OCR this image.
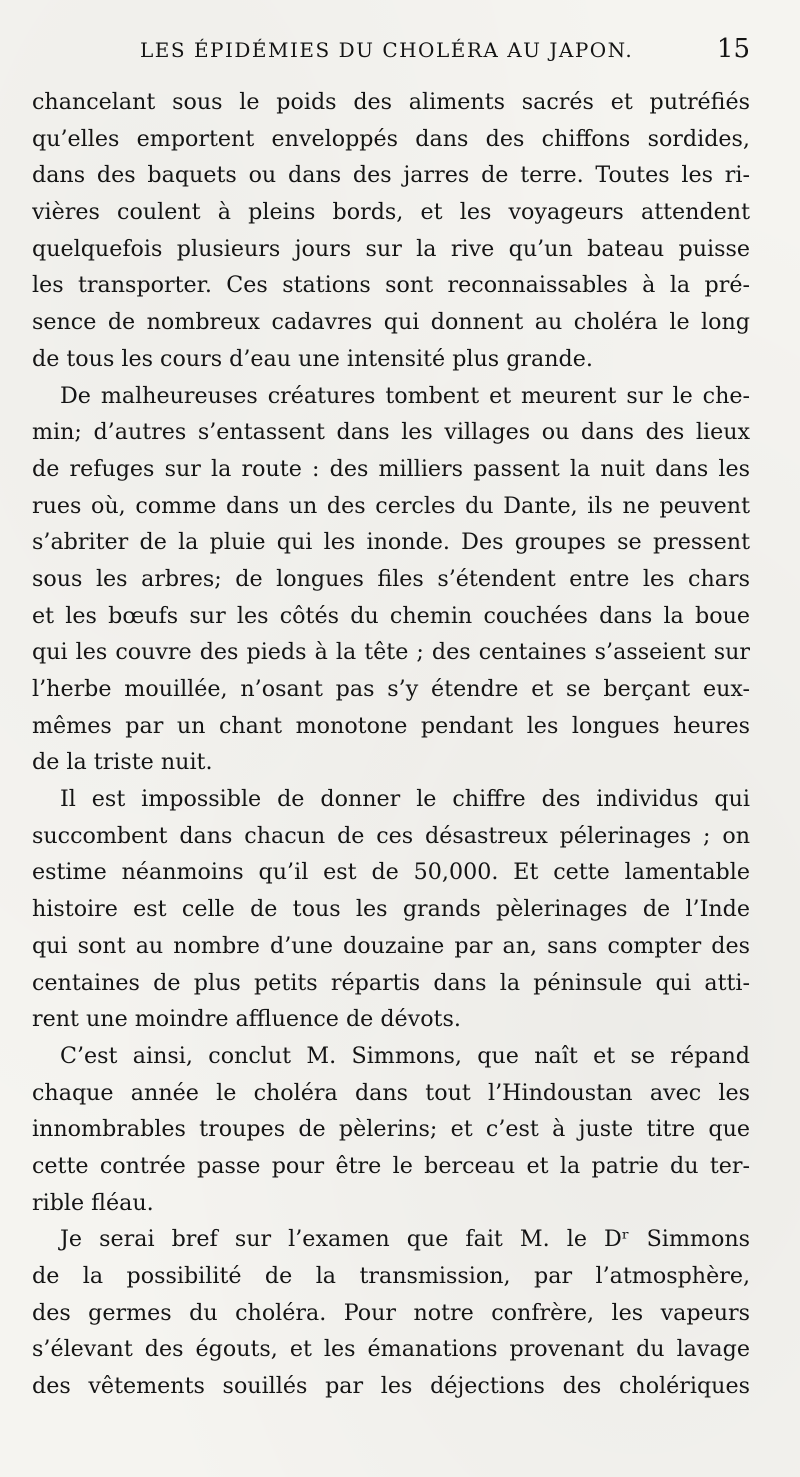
LES ÉPIDÉMIES DU CHOLÉRA AU JAPON.	15
chancelant sous le poids des aliments sacrés et putréfiés
qu’elles emportent enveloppés dans des chiffons sordides,
dans des baquets ou dans des jarres de terre. Toutes les ri-
vières coulent à pleins bords, et les voyageurs attendent
quelquefois plusieurs jours sur la rive qu’un bateau puisse
les transporter. Ces stations sont reconnaissables à la pré-
sence de nombreux cadavres qui donnent au choléra le long
de tous les cours d’eau une intensité plus grande.
De malheureuses créatures tombent et meurent sur le che-
min; d’autres s’entassent dans les villages ou dans des lieux
de refuges sur la route : des milliers passent la nuit dans les
rues où, comme dans un des cercles du Dante, ils ne peuvent
s’abriter de la pluie qui les inonde. Des groupes se pressent
sous les arbres; de longues files s’étendent entre les chars
et les bœufs sur les côtés du chemin couchées dans la boue
qui les couvre des pieds à la tête ; des centaines s’asseient sur
l’herbe mouillée, n’osant pas s’y étendre et se berçant eux-
mêmes par un chant monotone pendant les longues heures
de la triste nuit.
Il est impossible de donner le chiffre des individus qui
succombent dans chacun de ces désastreux pélerinages ; on
estime néanmoins qu’il est de 50,000. Et cette lamentable
histoire est celle de tous les grands pèlerinages de l’Inde
qui sont au nombre d’une douzaine par an, sans compter des
centaines de plus petits répartis dans la péninsule qui atti-
rent une moindre affluence de dévots.
C’est ainsi, conclut M. Simmons, que naît et se répand
chaque année le choléra dans tout l’Hindoustan avec les
innombrables troupes de pèlerins; et c’est à juste titre que
cette contrée passe pour être le berceau et la patrie du ter-
rible fléau.
Je serai bref sur l’examen que fait M. le Dʳ Simmons
de la possibilité de la transmission, par l’atmosphère,
des germes du choléra. Pour notre confrère, les vapeurs
s’élevant des égouts, et les émanations provenant du lavage
des vêtements souillés par les déjections des cholériques
